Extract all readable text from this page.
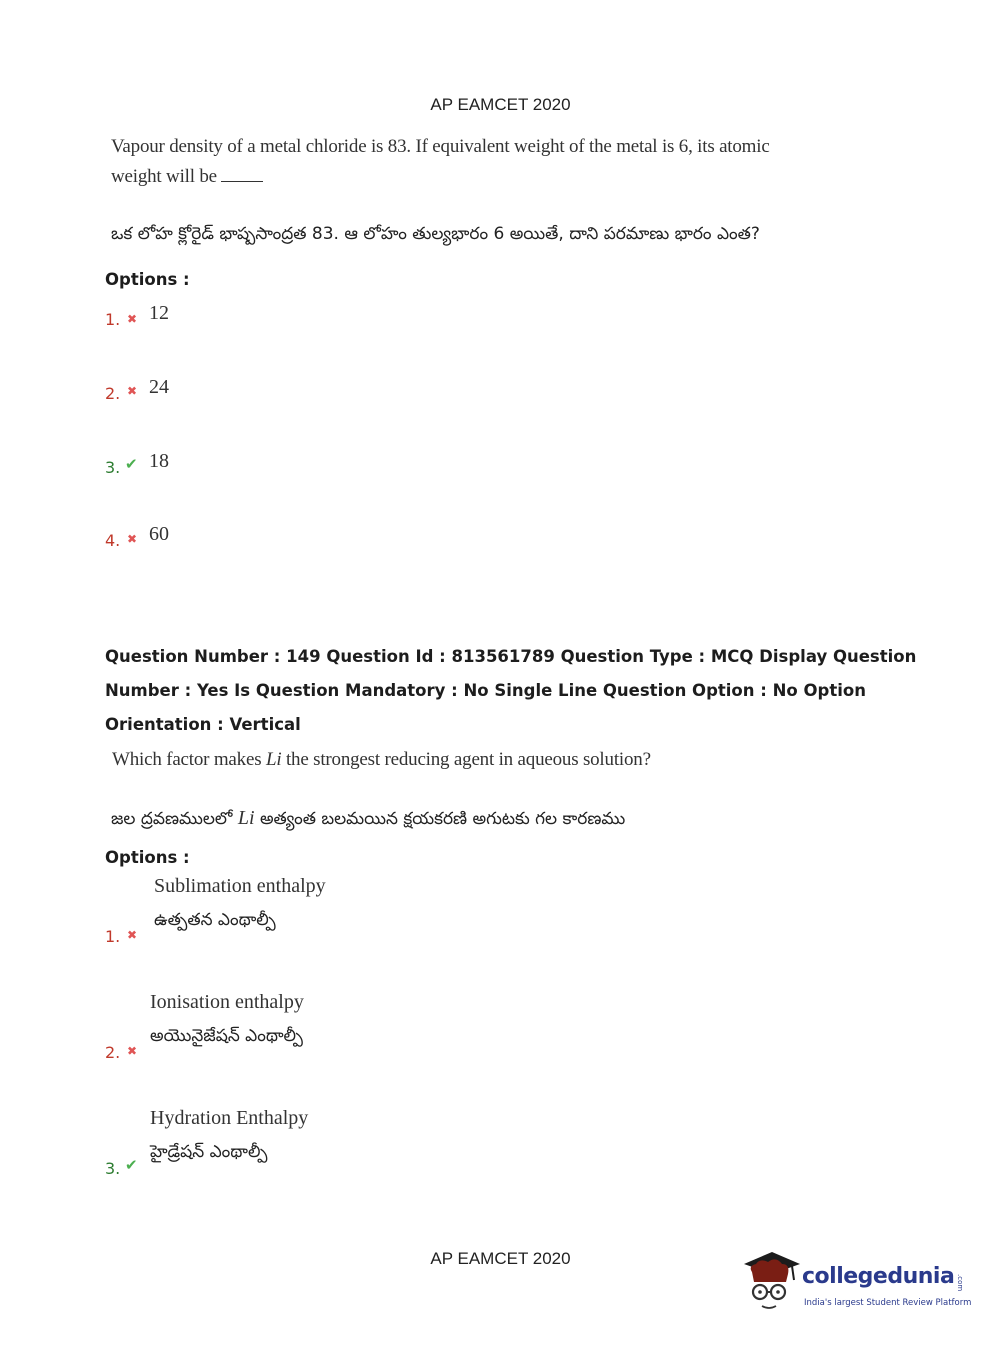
AP EAMCET 2020
Vapour density of a metal chloride is 83. If equivalent weight of the metal is 6, its atomic
weight will be
ఒక లోహ క్లోరైడ్ భాష్పసాంద్రత 83. ఆ లోహం తుల్యభారం 6 అయితే, దాని పరమాణు భారం ఎంత?
Options :
1. ✖ 12
2. ✖ 24
3. ✔ 18
4. ✖ 60
Question Number : 149 Question Id : 813561789 Question Type : MCQ Display Question
Number : Yes Is Question Mandatory : No Single Line Question Option : No Option
Orientation : Vertical
Which factor makes Li the strongest reducing agent in aqueous solution?
జల ద్రవణములలో Li అత్యంత బలమయిన క్షయకరణి అగుటకు గల కారణము
Options :
Sublimation enthalpy
ఉత్పతన ఎంథాల్పీ
1. ✖
Ionisation enthalpy
అయొనైజేషన్ ఎంథాల్పీ
2. ✖
Hydration Enthalpy
హైడ్రేషన్ ఎంథాల్పీ
3. ✔
AP EAMCET 2020
collegedunia .com
India's largest Student Review Platform
